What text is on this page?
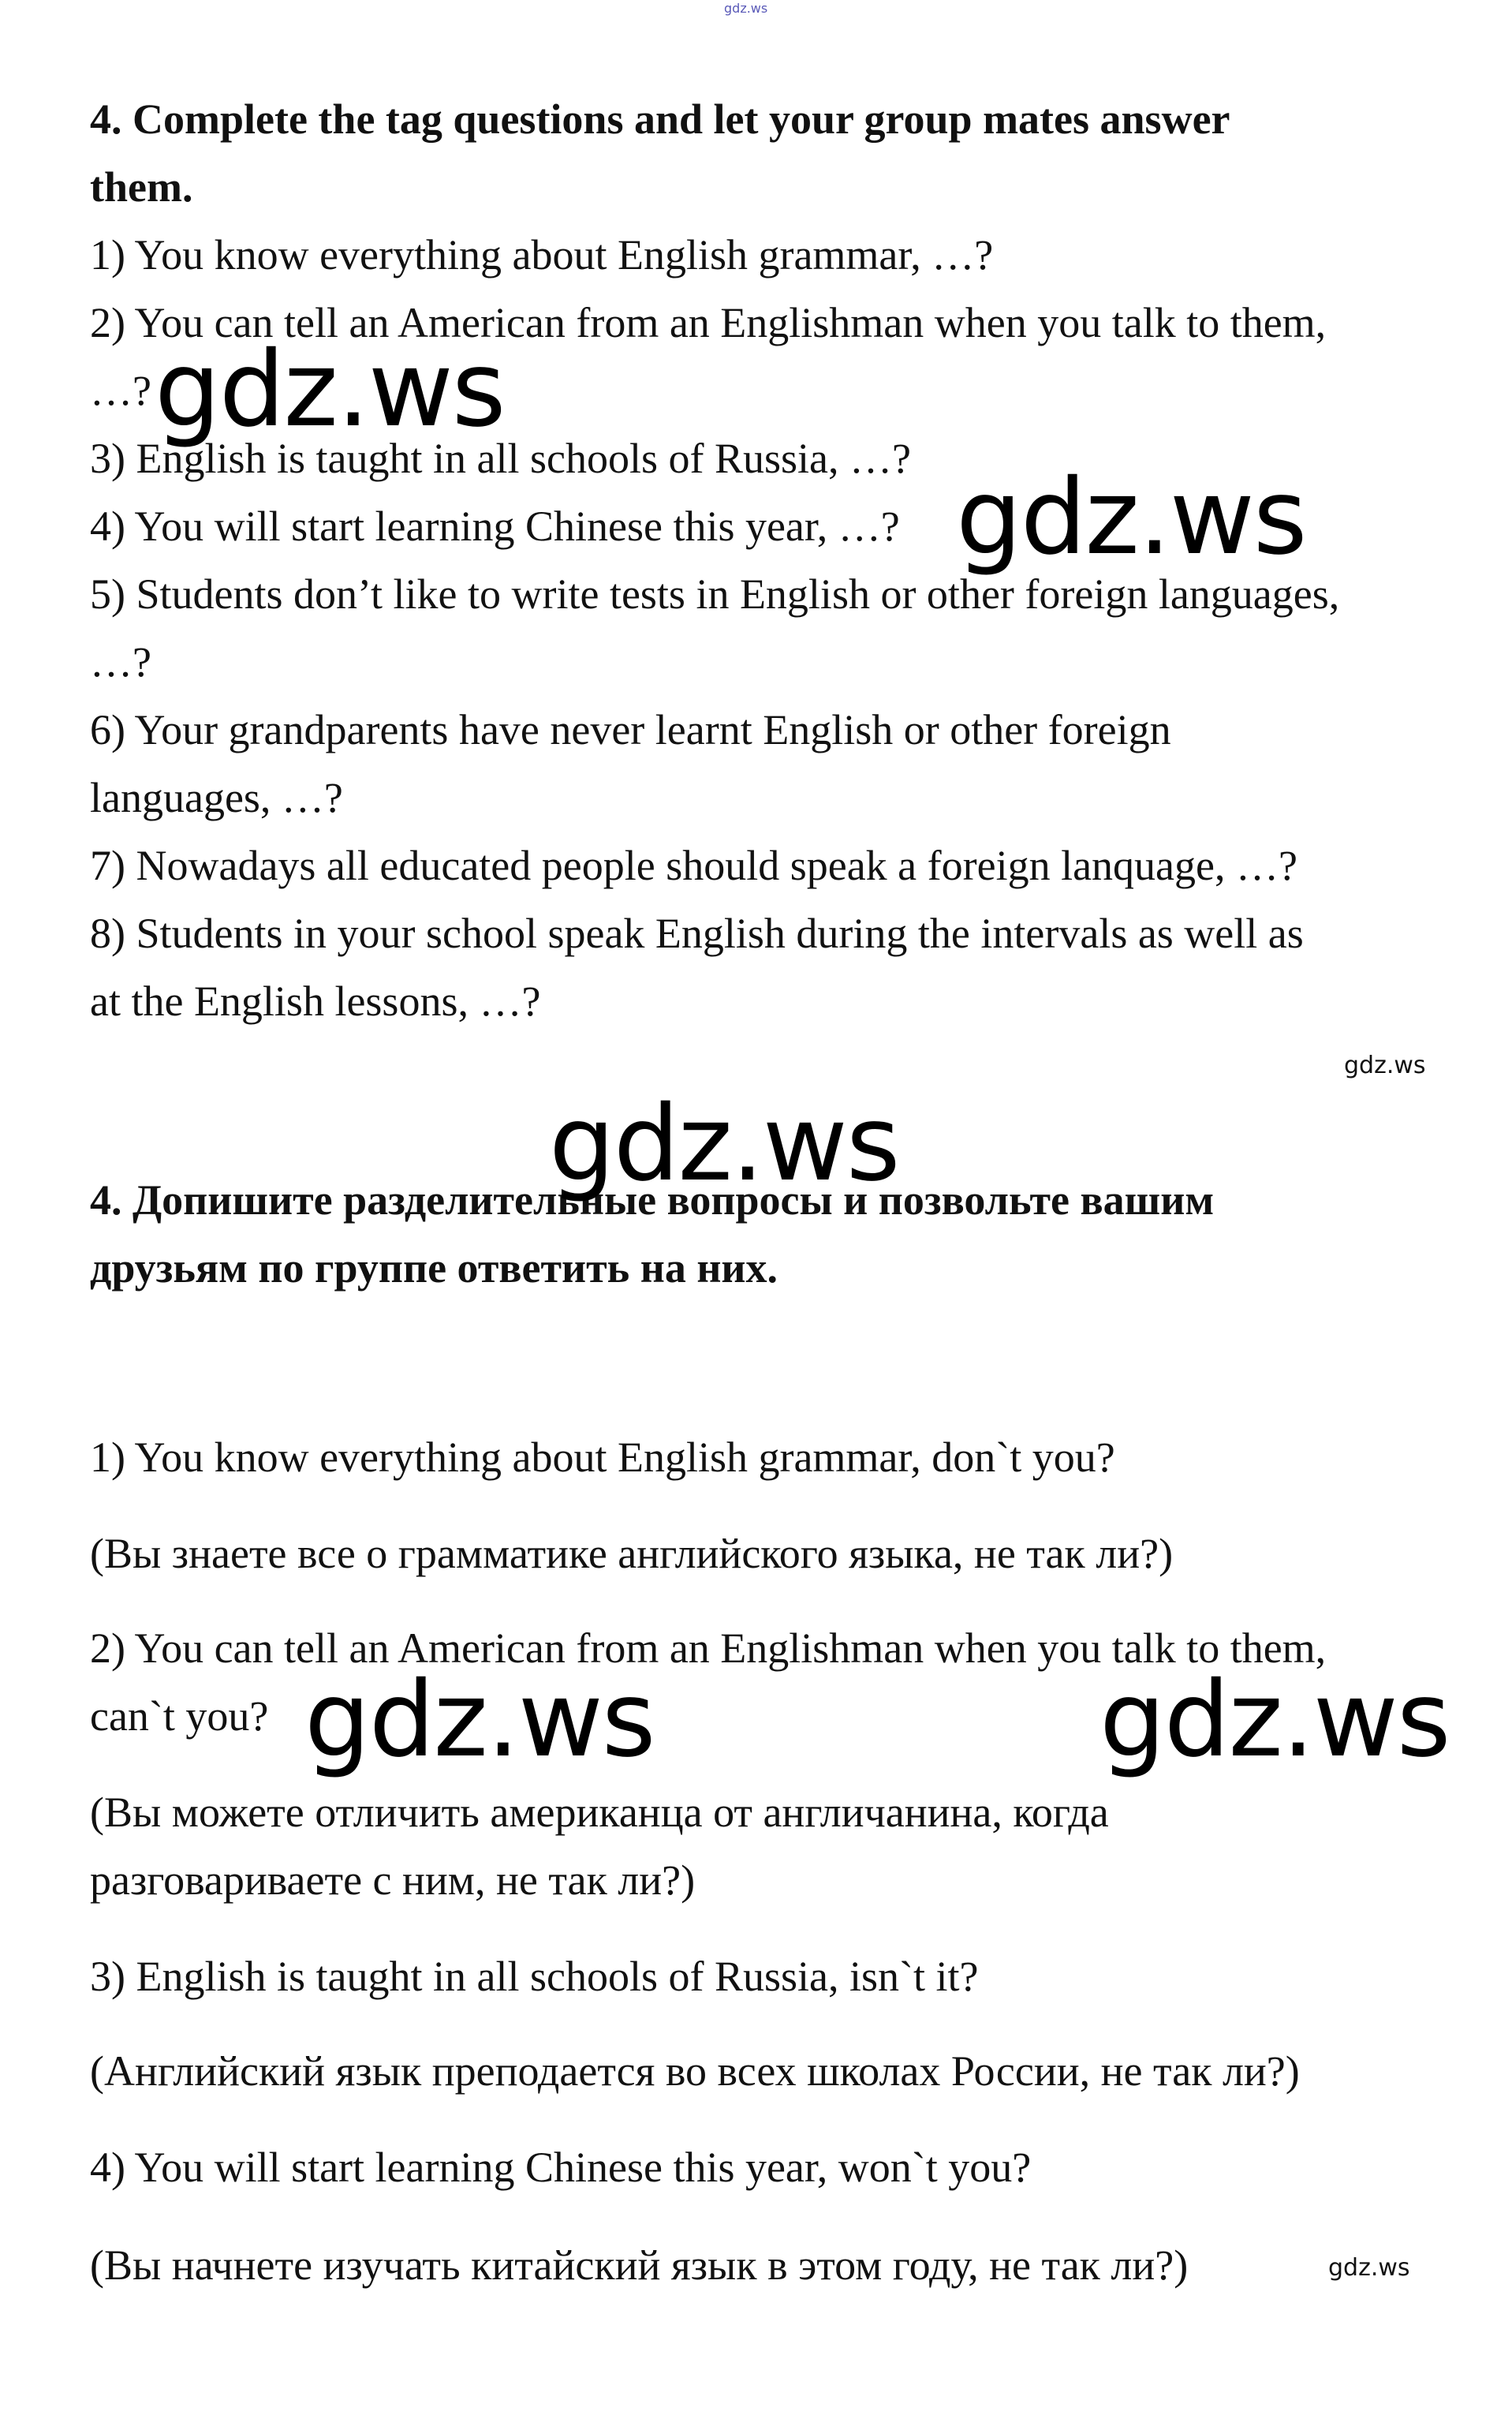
gdz.ws
4. Complete the tag questions and let your group mates answer
them.
1) You know everything about English grammar, …?
2) You can tell an American from an Englishman when you talk to them,
…?
3) English is taught in all schools of Russia, …?
4) You will start learning Chinese this year, …?
5) Students don’t like to write tests in English or other foreign languages,
…?
6) Your grandparents have never learnt English or other foreign
languages, …?
7) Nowadays all educated people should speak a foreign lanquage, …?
8) Students in your school speak English during the intervals as well as
at the English lessons, …?
4. Допишите разделительные вопросы и позвольте вашим
друзьям по группе ответить на них.
1) You know everything about English grammar, don`t you?
(Вы знаете все о грамматике английского языка, не так ли?)
2) You can tell an American from an Englishman when you talk to them,
can`t you?
(Вы можете отличить американца от англичанина, когда
разговариваете с ним, не так ли?)
3) English is taught in all schools of Russia, isn`t it?
(Английский язык преподается во всех школах России, не так ли?)
4) You will start learning Chinese this year, won`t you?
(Вы начнете изучать китайский язык в этом году, не так ли?)
gdz.ws
gdz.ws
gdz.ws
gdz.ws
gdz.ws	gdz.ws
gdz.ws
